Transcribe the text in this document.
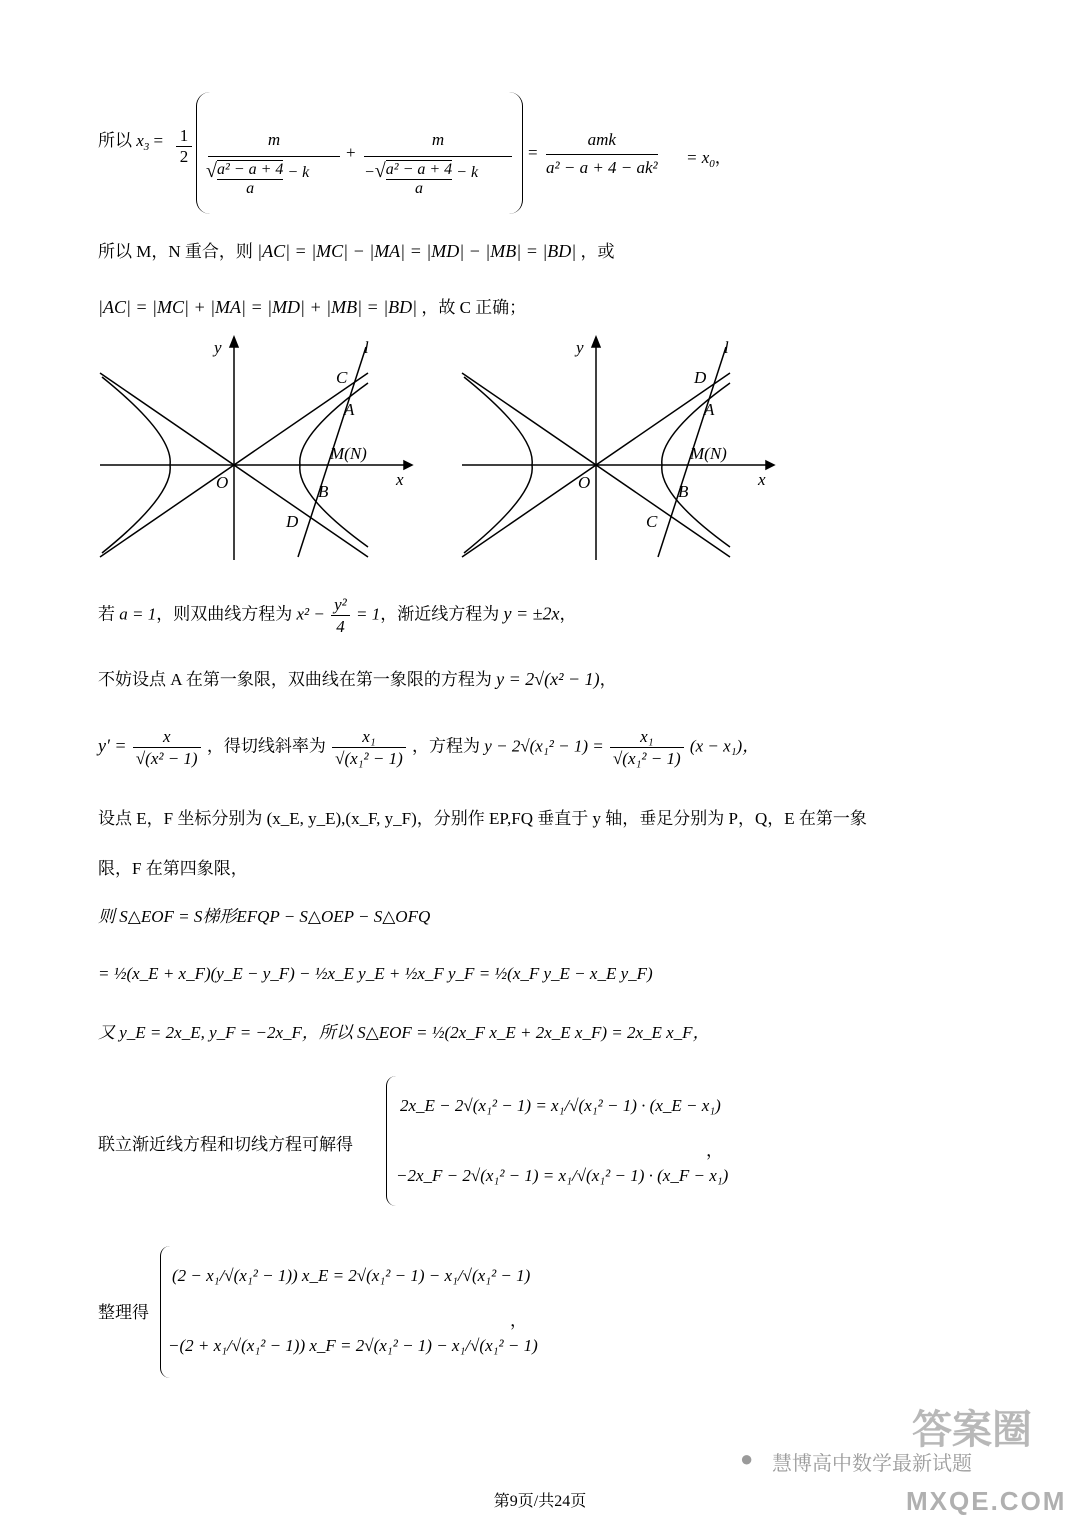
所以 $x_3 = \frac{1}{2}$	m
√ $\frac{\text{a² − a + 4}}{a} - k$
+
m
−√ $\frac{\text{a² − a + 4}}{a} - k$
=
amk
a² − a + 4 − ak²
= $x_0$，
所以 M，N 重合，则 |AC| = |MC| − |MA| = |MD| − |MB| = |BD| ，或
|AC| = |MC| + |MA| = |MD| + |MB| = |BD| ，故 C 正确；
y
x
O
l
C
A
M(N)
B
D
y
x
O
l
D
A
M(N)
B
C
若 a = 1，则双曲线方程为 $x^2 - \frac{\text{y²}}{4} = 1$，渐近线方程为 y = ±2x，
不妨设点 A 在第一象限，双曲线在第一象限的方程为 y = 2√(x² − 1)，
$y' = \frac{x}{\text{√(x² − 1)}}$ ，得切线斜率为 $\frac{\text{x₁}}{\text{√(x₁² − 1)}}$ ，方程为 $y - 2√(x_1^2 - 1) = \frac{\text{x₁}}{\text{√(x₁² − 1)}} (x - x_1)$，
设点 E，F 坐标分别为 (x_E, y_E),(x_F, y_F)，分别作 EP,FQ 垂直于 y 轴，垂足分别为 P，Q，E 在第一象
限，F 在第四象限，
则 S△EOF = S梯形EFQP − S△OEP − S△OFQ
= ½(x_E + x_F)(y_E − y_F) − ½x_E y_E + ½x_F y_F = ½(x_F y_E − x_E y_F)
又 y_E = 2x_E, y_F = −2x_F，所以 S△EOF = ½(2x_F x_E + 2x_E x_F) = 2x_E x_F，
联立渐近线方程和切线方程可解得
2x_E − 2√(x₁² − 1) = x₁/√(x₁² − 1) · (x_E − x₁)
−2x_F − 2√(x₁² − 1) = x₁/√(x₁² − 1) · (x_F − x₁)
，
整理得
(2 − x₁/√(x₁² − 1)) x_E = 2√(x₁² − 1) − x₁/√(x₁² − 1)
−(2 + x₁/√(x₁² − 1)) x_F = 2√(x₁² − 1) − x₁/√(x₁² − 1)
，
● 慧博高中数学最新试题
答案圈
MXQE.COM
第9页/共24页
